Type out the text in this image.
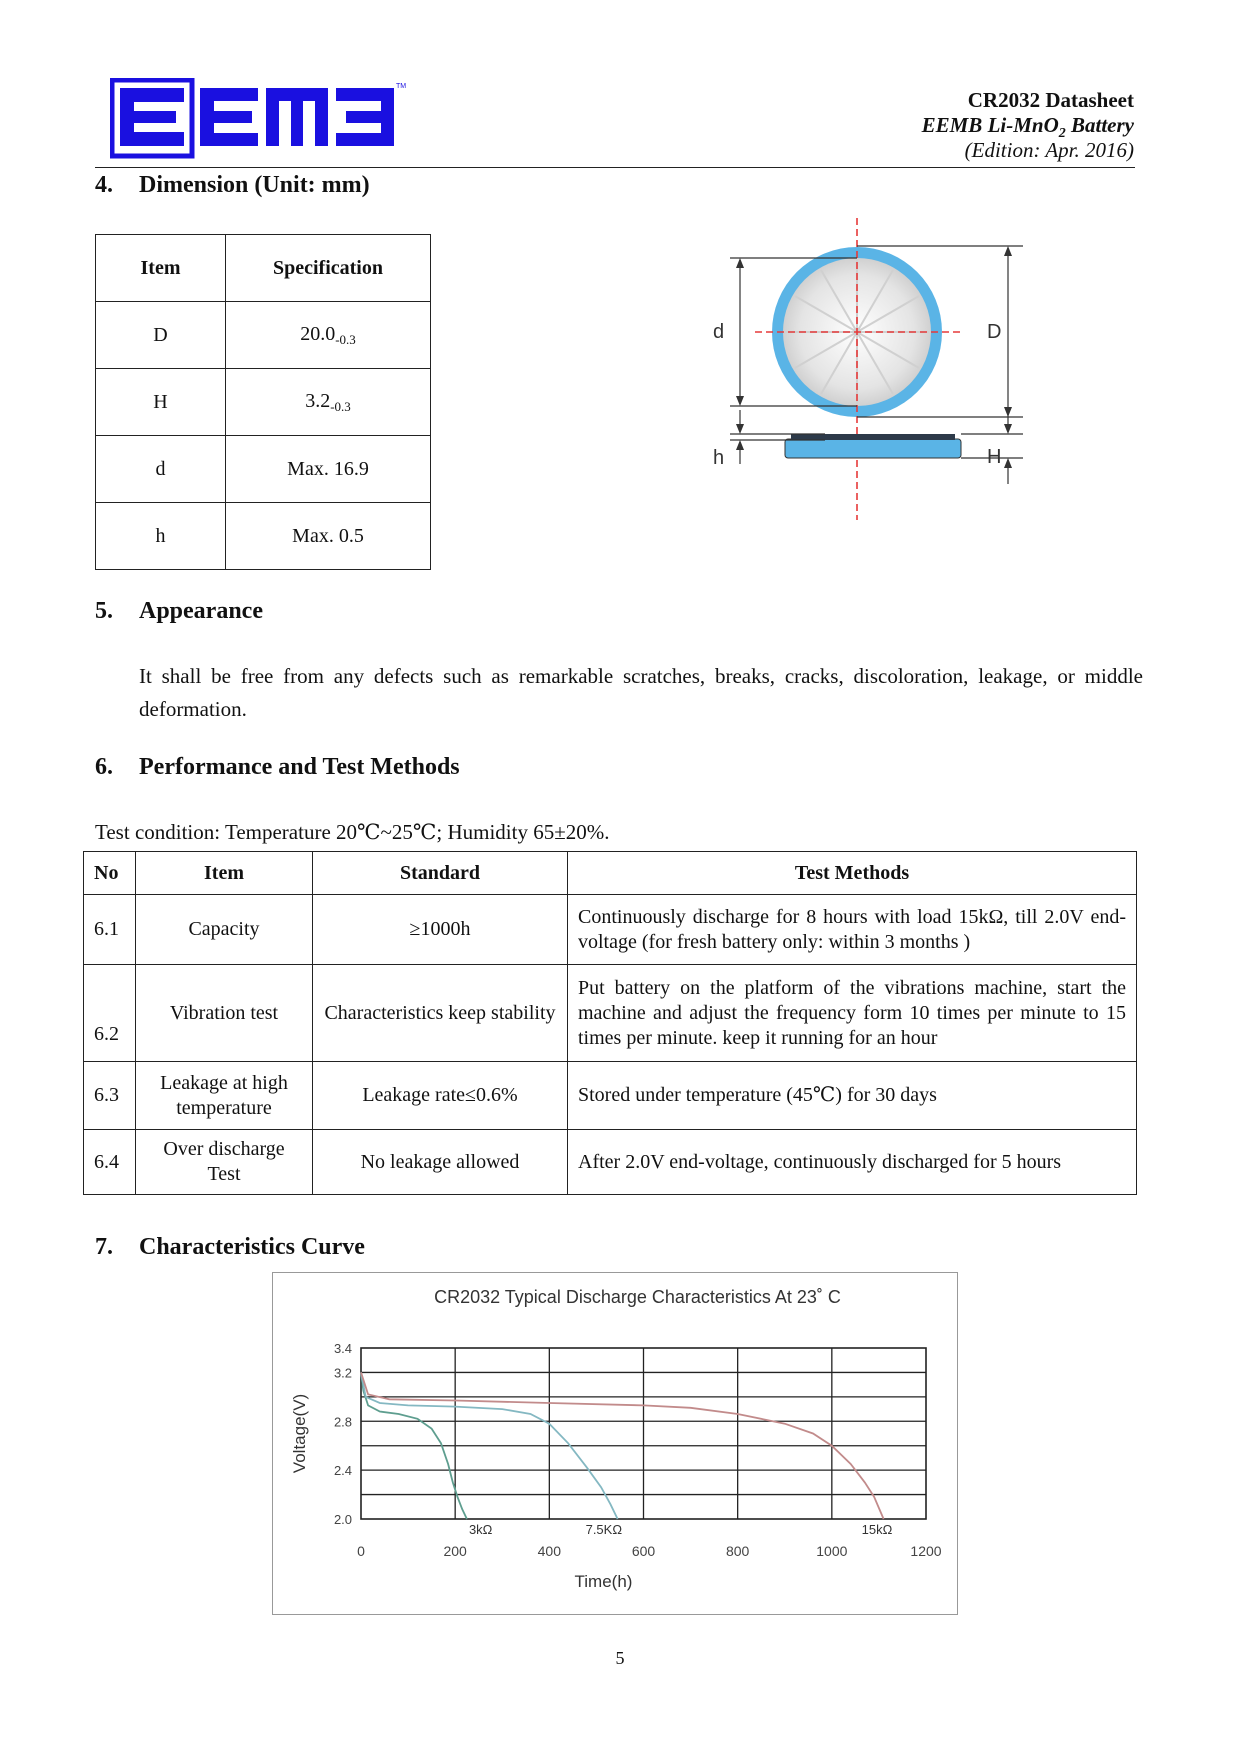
TM
CR2032 Datasheet
EEMB Li-MnO$_2$ Battery
(Edition: Apr. 2016)
4. Dimension (Unit: mm)
Item	Specification
D	$20.0_{-0.3}$
H	$3.2_{-0.3}$
d	Max. 16.9
h	Max. 0.5
d	D
h	H
5. Appearance
It shall be free from any defects such as remarkable scratches, breaks, cracks, discoloration, leakage, or middle deformation.
6. Performance and Test Methods
Test condition: Temperature 20℃~25℃; Humidity 65±20%.
No	Item	Standard	Test Methods
6.1	Capacity	≥1000h	Continuously discharge for 8 hours with load 15kΩ, till 2.0V end-voltage (for fresh battery only: within 3 months )
6.2	Vibration test	Characteristics keep stability	Put battery on the platform of the vibrations machine, start the machine and adjust the frequency form 10 times per minute to 15 times per minute. keep it running for an hour
6.3	Leakage at high temperature	Leakage rate≤0.6%	Stored under temperature (45℃) for 30 days
6.4	Over discharge Test	No leakage allowed	After 2.0V end-voltage, continuously discharged for 5 hours
7. Characteristics Curve
CR2032 Typical Discharge Characteristics At 23˚ C
2.0
2.4
2.8
3.2
3.4
0	200	400	600	800	1000	1200
Time(h)
Voltage(V)
3kΩ	7.5KΩ	15kΩ
5
